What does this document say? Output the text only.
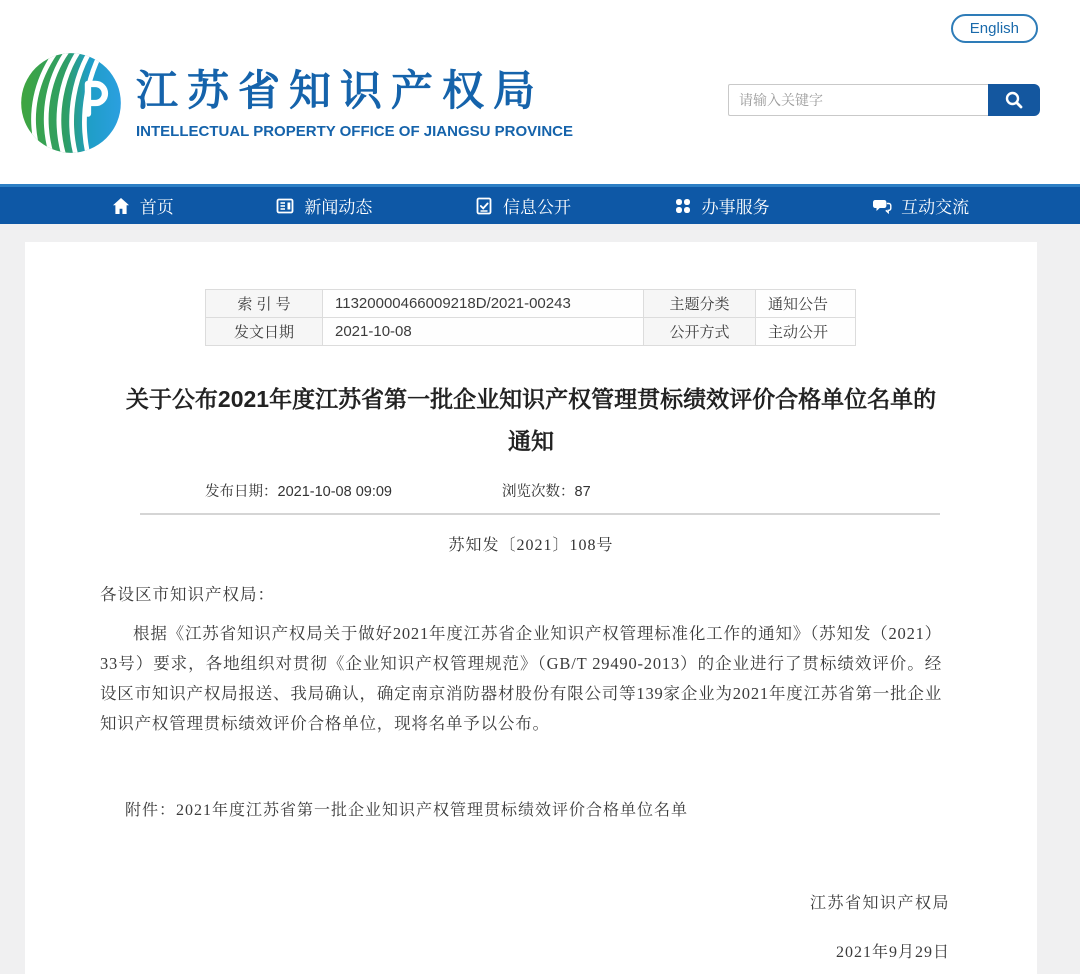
English
江苏省知识产权局
INTELLECTUAL PROPERTY OFFICE OF JIANGSU PROVINCE
请输入关键字
首页	新闻动态	信息公开	办事服务	互动交流
索 引 号	11320000466009218D/2021-00243	主题分类	通知公告
发文日期	2021-10-08	公开方式	主动公开
关于公布2021年度江苏省第一批企业知识产权管理贯标绩效评价合格单位名单的
通知
发布日期：2021-10-08 09:09	浏览次数：87
苏知发〔2021〕108号
各设区市知识产权局：
根据《江苏省知识产权局关于做好2021年度江苏省企业知识产权管理标准化工作的通知》（苏知发（2021）33号）要求，各地组织对贯彻《企业知识产权管理规范》（GB/T 29490-2013）的企业进行了贯标绩效评价。经设区市知识产权局报送、我局确认，确定南京消防器材股份有限公司等139家企业为2021年度江苏省第一批企业知识产权管理贯标绩效评价合格单位，现将名单予以公布。
附件：2021年度江苏省第一批企业知识产权管理贯标绩效评价合格单位名单
江苏省知识产权局
2021年9月29日
